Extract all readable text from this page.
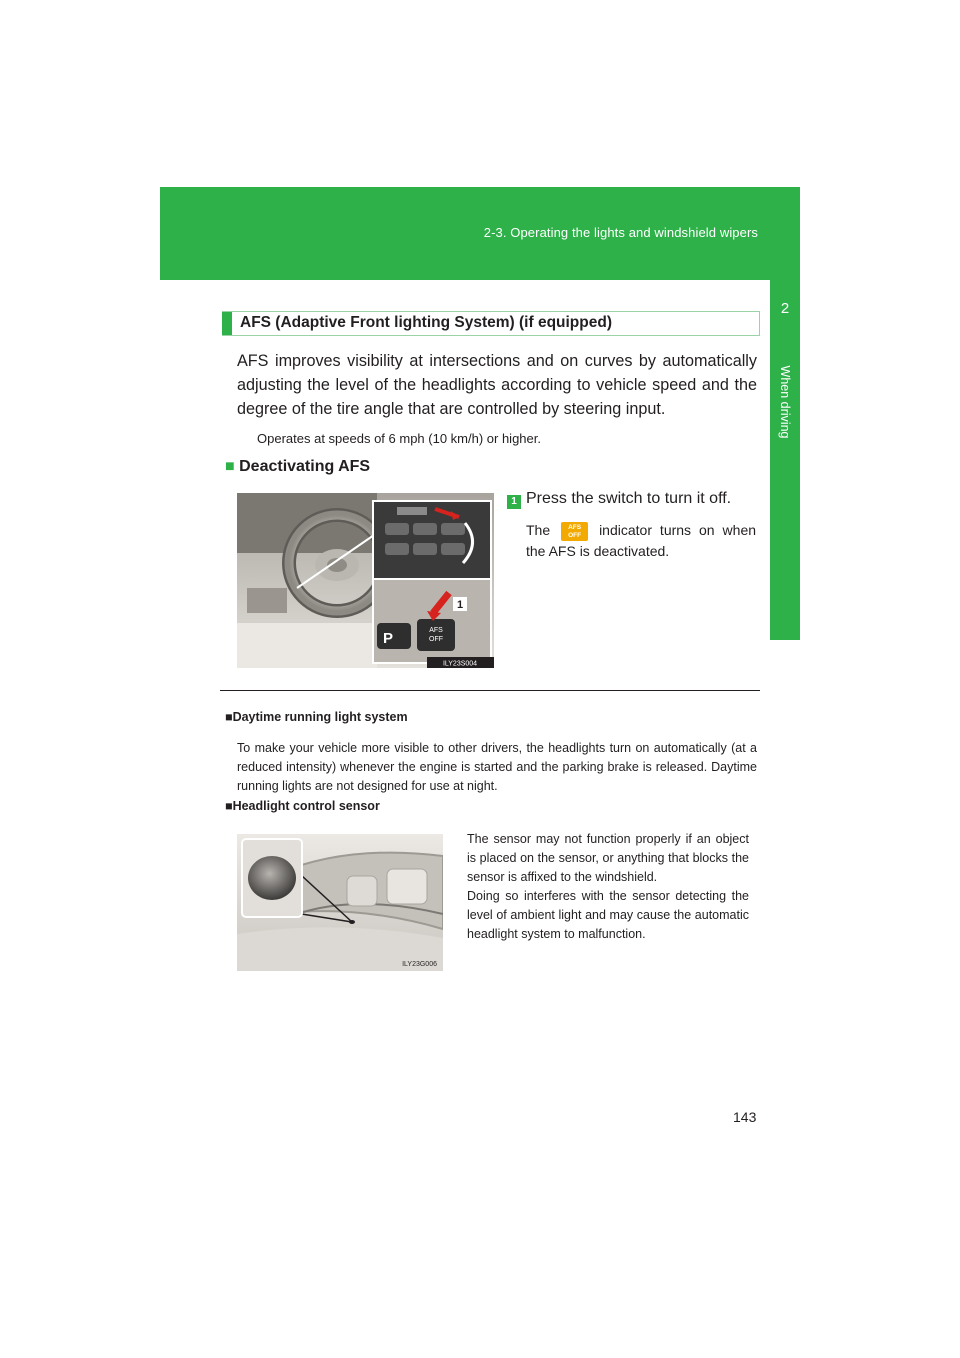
2-3. Operating the lights and windshield wipers
2
When driving
AFS (Adaptive Front lighting System) (if equipped)

AFS improves visibility at intersections and on curves by automatically adjusting the level of the headlights according to vehicle speed and the degree of the tire angle that are controlled by steering input.

Operates at speeds of 6 mph (10 km/h) or higher.
■ Deactivating AFS
P	AFS
OFF
1
ILY23S004
1 Press the switch to turn it off.
The	AFS
OFF indicator turns on when the AFS is deactivated.
■Daytime running light system

To make your vehicle more visible to other drivers, the headlights turn on automatically (at a reduced intensity) whenever the engine is started and the parking brake is released. Daytime running lights are not designed for use at night.

■Headlight control sensor
ILY23G006
The sensor may not function properly if an object is placed on the sensor, or anything that blocks the sensor is affixed to the windshield.
Doing so interferes with the sensor detecting the level of ambient light and may cause the automatic headlight system to malfunction.
143
